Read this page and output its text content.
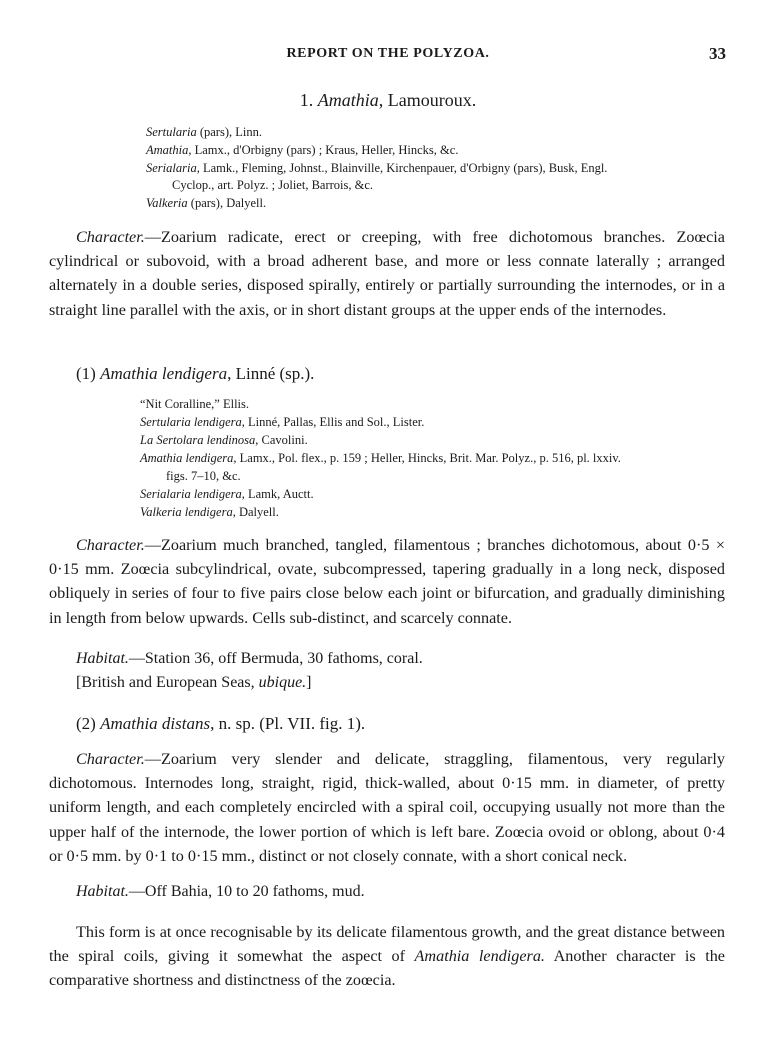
REPORT ON THE POLYZOA.	33
1. Amathia, Lamouroux.
Sertularia (pars), Linn.
Amathia, Lamx., d'Orbigny (pars) ; Kraus, Heller, Hincks, &c.
Serialaria, Lamk., Fleming, Johnst., Blainville, Kirchenpauer, d'Orbigny (pars), Busk, Engl.
Cyclop., art. Polyz. ; Joliet, Barrois, &c.
Valkeria (pars), Dalyell.
Character.—Zoarium radicate, erect or creeping, with free dichotomous branches. Zoœcia cylindrical or subovoid, with a broad adherent base, and more or less connate laterally ; arranged alternately in a double series, disposed spirally, entirely or partially surrounding the internodes, or in a straight line parallel with the axis, or in short distant groups at the upper ends of the internodes.
(1) Amathia lendigera, Linné (sp.).
“Nit Coralline,” Ellis.
Sertularia lendigera, Linné, Pallas, Ellis and Sol., Lister.
La Sertolara lendinosa, Cavolini.
Amathia lendigera, Lamx., Pol. flex., p. 159 ; Heller, Hincks, Brit. Mar. Polyz., p. 516, pl. lxxiv.
figs. 7–10, &c.
Serialaria lendigera, Lamk, Auctt.
Valkeria lendigera, Dalyell.
Character.—Zoarium much branched, tangled, filamentous ; branches dichotomous, about 0·5 × 0·15 mm. Zoœcia subcylindrical, ovate, subcompressed, tapering gradually in a long neck, disposed obliquely in series of four to five pairs close below each joint or bifurcation, and gradually diminishing in length from below upwards. Cells sub-distinct, and scarcely connate.
Habitat.—Station 36, off Bermuda, 30 fathoms, coral.
[British and European Seas, ubique.]
(2) Amathia distans, n. sp. (Pl. VII. fig. 1).
Character.—Zoarium very slender and delicate, straggling, filamentous, very regularly dichotomous. Internodes long, straight, rigid, thick-walled, about 0·15 mm. in diameter, of pretty uniform length, and each completely encircled with a spiral coil, occupying usually not more than the upper half of the internode, the lower portion of which is left bare. Zoœcia ovoid or oblong, about 0·4 or 0·5 mm. by 0·1 to 0·15 mm., distinct or not closely connate, with a short conical neck.
Habitat.—Off Bahia, 10 to 20 fathoms, mud.
This form is at once recognisable by its delicate filamentous growth, and the great distance between the spiral coils, giving it somewhat the aspect of Amathia lendigera. Another character is the comparative shortness and distinctness of the zoœcia.
